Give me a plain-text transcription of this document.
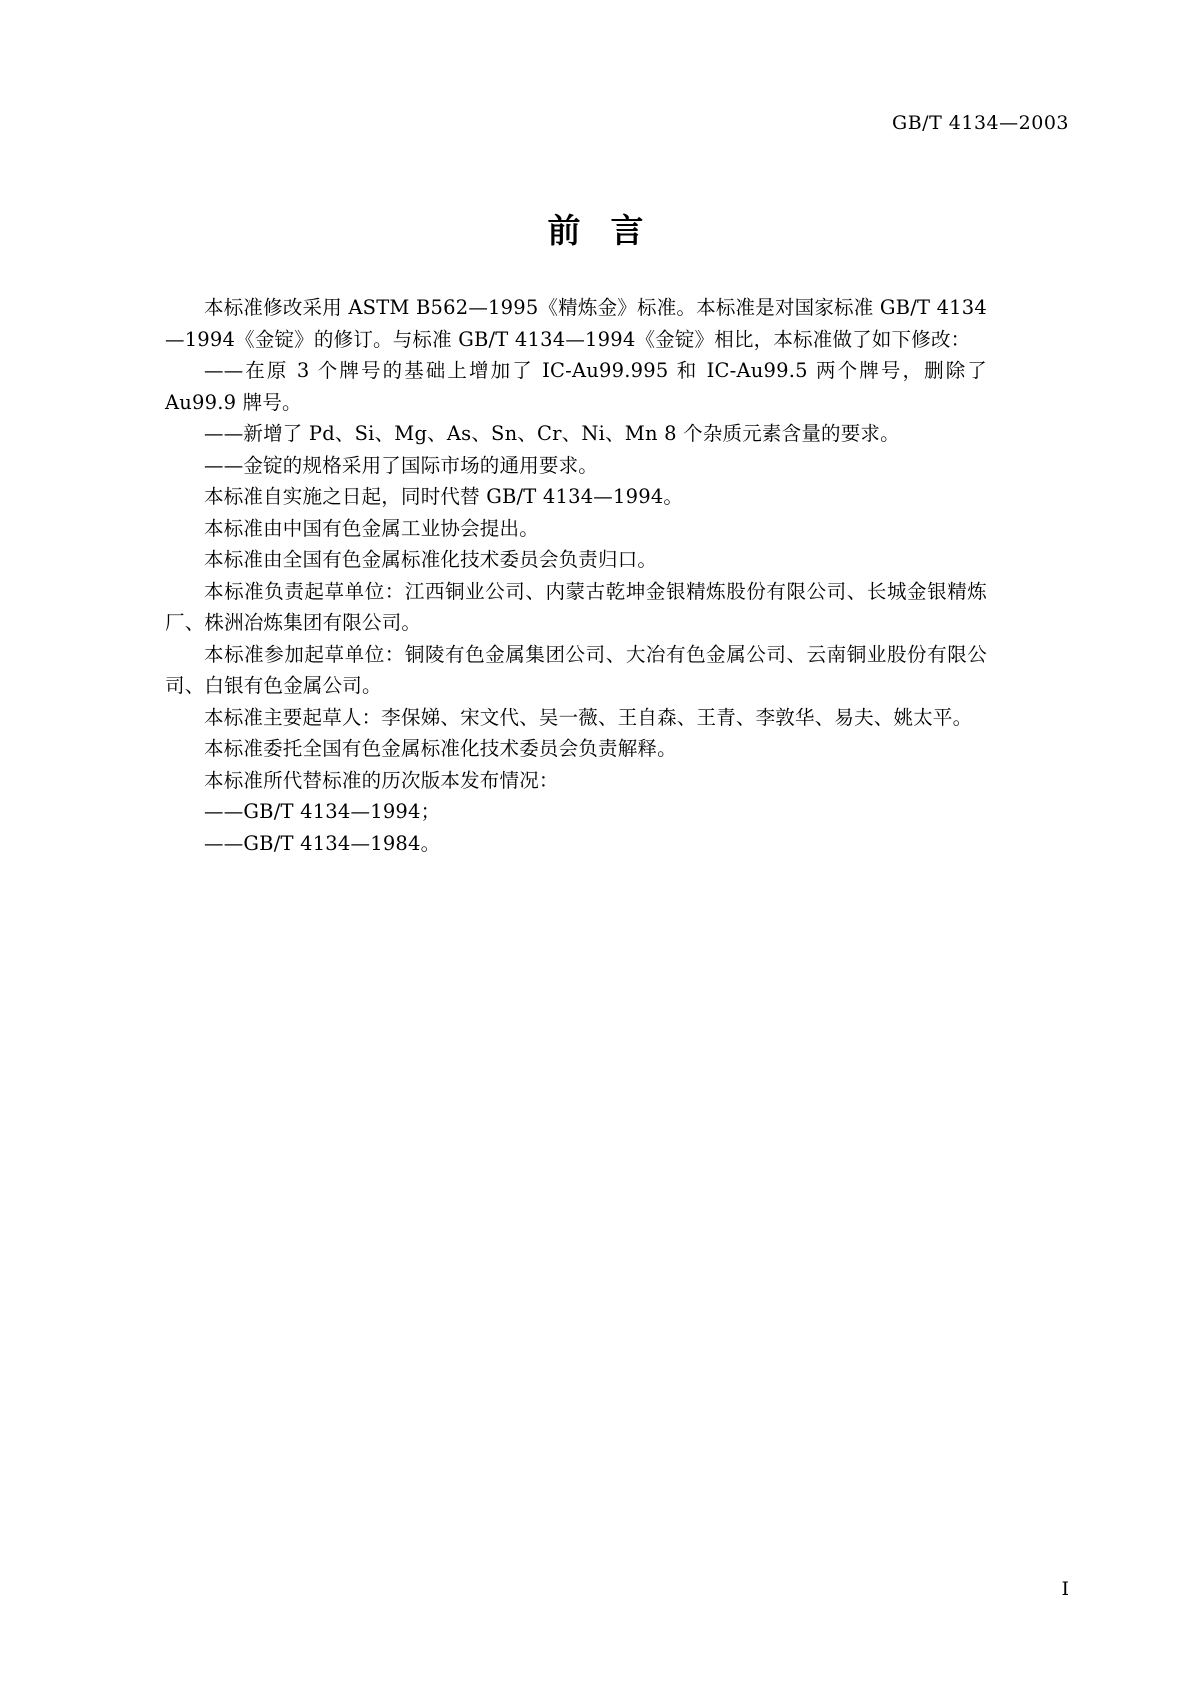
GB/T 4134—2003
前言

本标准修改采用 ASTM B562—1995《精炼金》标准。本标准是对国家标准 GB/T 4134—1994《金锭》的修订。与标准 GB/T 4134—1994《金锭》相比，本标准做了如下修改：

——在原 3 个牌号的基础上增加了 IC-Au99.995 和 IC-Au99.5 两个牌号，删除了 Au99.9 牌号。

——新增了 Pd、Si、Mg、As、Sn、Cr、Ni、Mn 8 个杂质元素含量的要求。

——金锭的规格采用了国际市场的通用要求。

本标准自实施之日起，同时代替 GB/T 4134—1994。

本标准由中国有色金属工业协会提出。

本标准由全国有色金属标准化技术委员会负责归口。

本标准负责起草单位：江西铜业公司、内蒙古乾坤金银精炼股份有限公司、长城金银精炼厂、株洲冶炼集团有限公司。

本标准参加起草单位：铜陵有色金属集团公司、大冶有色金属公司、云南铜业股份有限公司、白银有色金属公司。

本标准主要起草人：李保娣、宋文代、吴一薇、王自森、王青、李敦华、易夫、姚太平。

本标准委托全国有色金属标准化技术委员会负责解释。

本标准所代替标准的历次版本发布情况：

——GB/T 4134—1994；

——GB/T 4134—1984。

I
